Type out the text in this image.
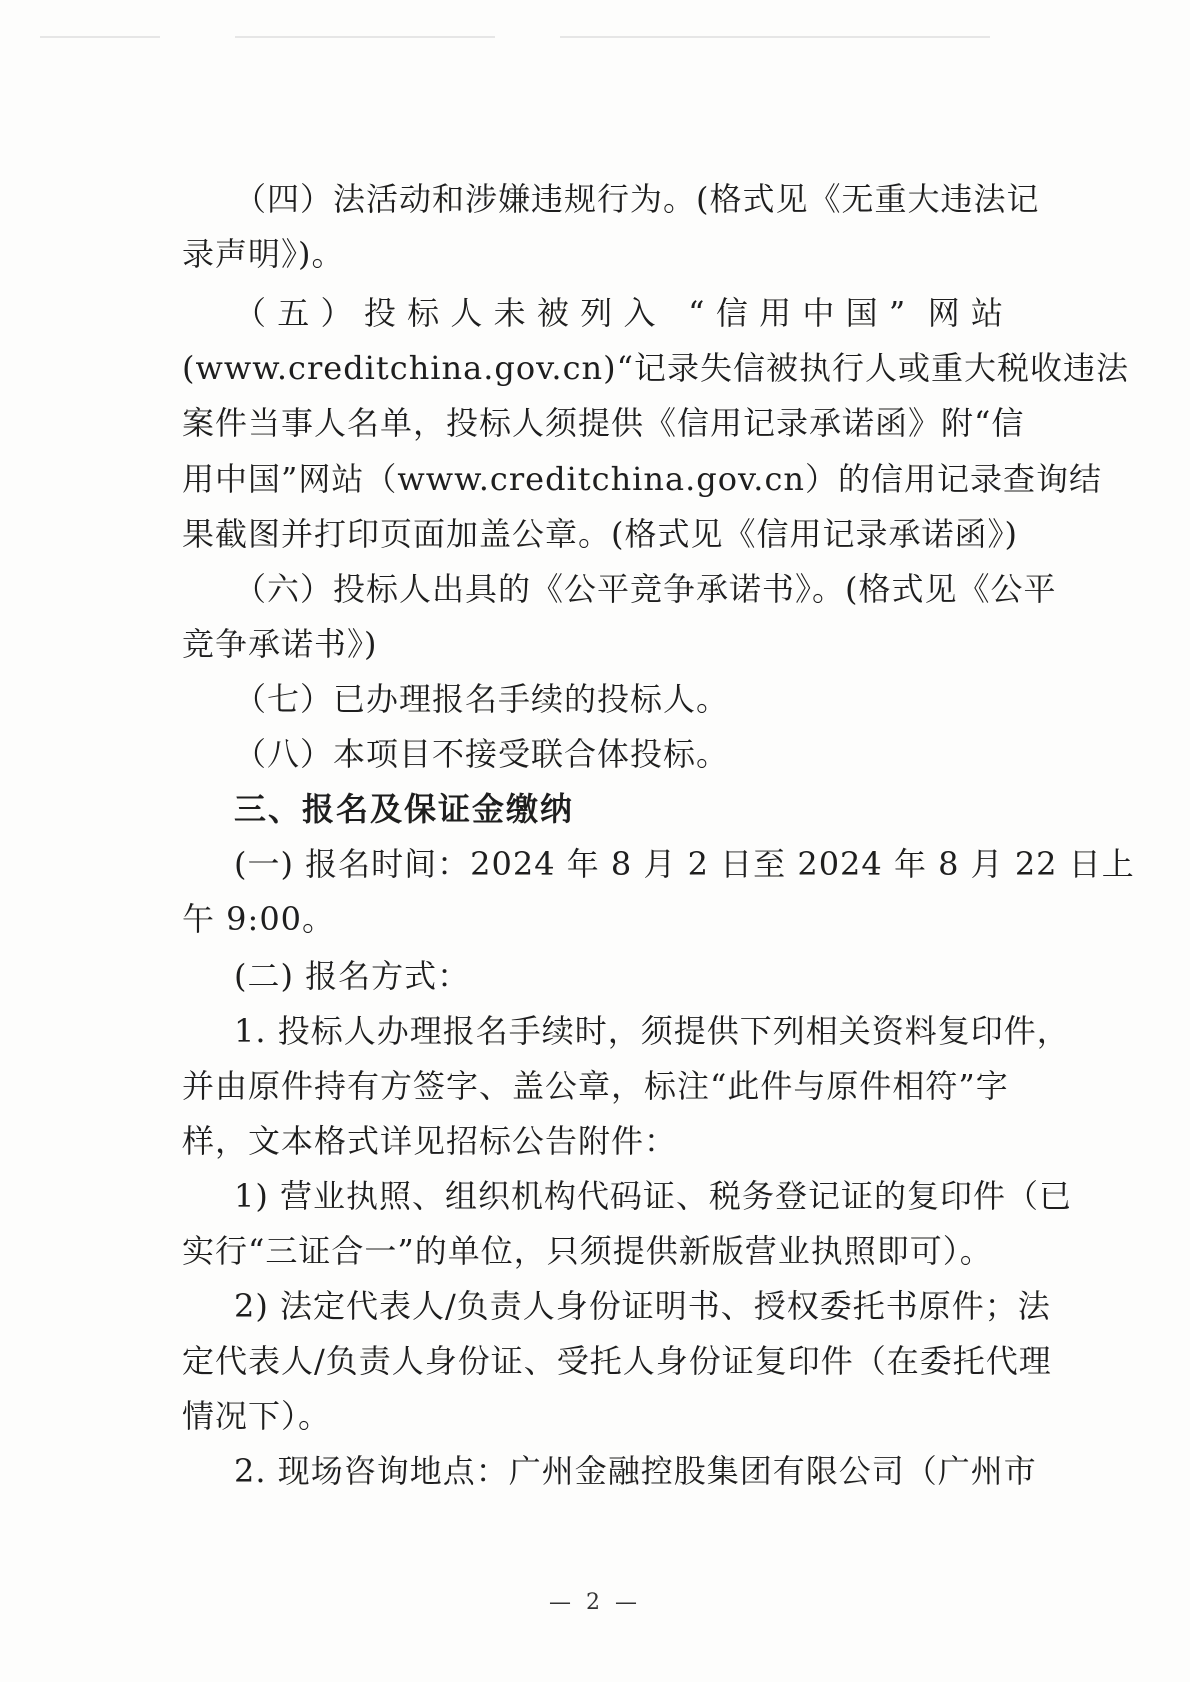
（四）法活动和涉嫌违规行为。(格式见《无重大违法记
录声明》)。
（五）投标人未被列入 “信用中国” 网站
(www.creditchina.gov.cn)“记录失信被执行人或重大税收违法
案件当事人名单，投标人须提供《信用记录承诺函》附“信
用中国”网站（www.creditchina.gov.cn）的信用记录查询结
果截图并打印页面加盖公章。(格式见《信用记录承诺函》)
（六）投标人出具的《公平竞争承诺书》。(格式见《公平
竞争承诺书》)
（七）已办理报名手续的投标人。
（八）本项目不接受联合体投标。
三、报名及保证金缴纳
(一) 报名时间：2024 年 8 月 2 日至 2024 年 8 月 22 日上
午 9:00。
(二) 报名方式：
1. 投标人办理报名手续时，须提供下列相关资料复印件，
并由原件持有方签字、盖公章，标注“此件与原件相符”字
样，文本格式详见招标公告附件：
1) 营业执照、组织机构代码证、税务登记证的复印件（已
实行“三证合一”的单位，只须提供新版营业执照即可）。
2) 法定代表人/负责人身份证明书、授权委托书原件；法
定代表人/负责人身份证、受托人身份证复印件（在委托代理
情况下）。
2. 现场咨询地点：广州金融控股集团有限公司（广州市
— 2 —
